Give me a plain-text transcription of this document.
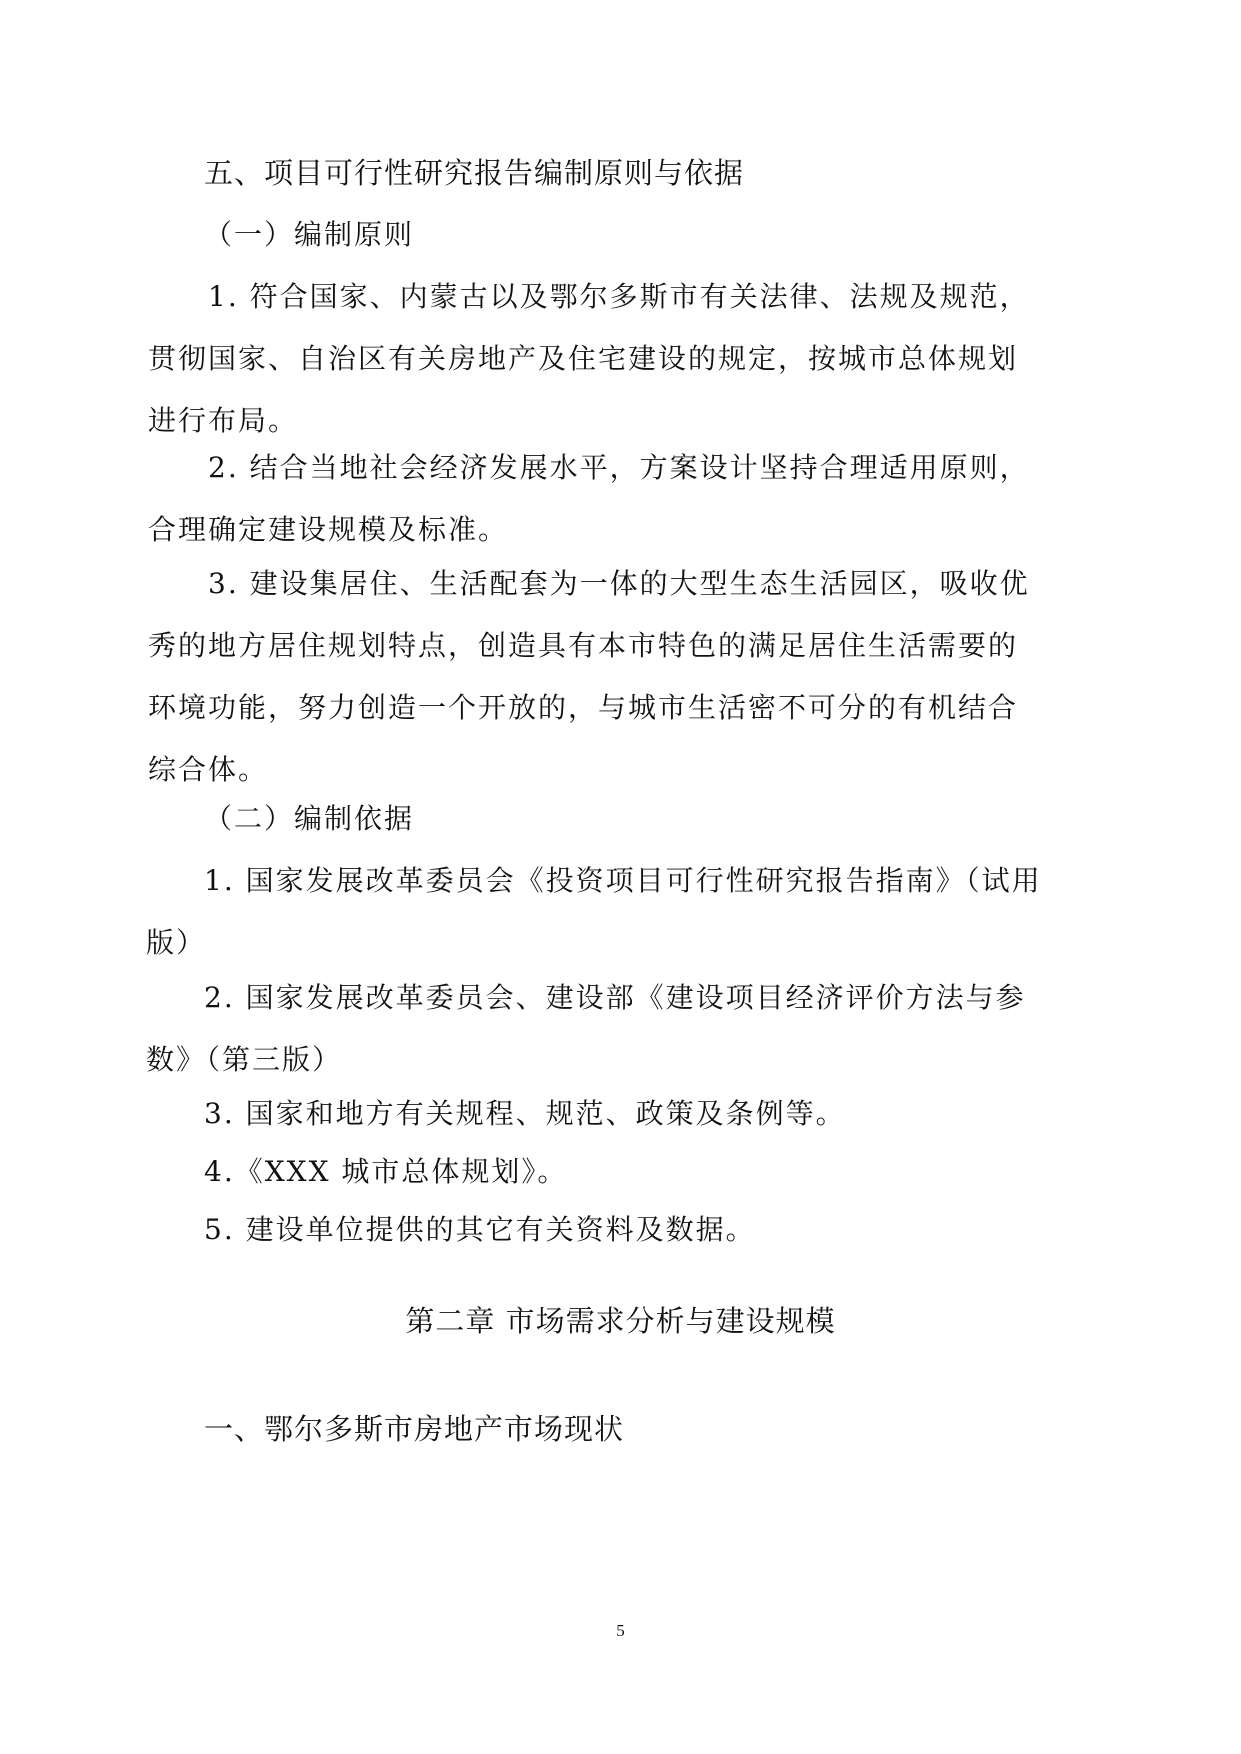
五、项目可行性研究报告编制原则与依据

（一）编制原则

1. 符合国家、内蒙古以及鄂尔多斯市有关法律、法规及规范，
贯彻国家、自治区有关房地产及住宅建设的规定，按城市总体规划
进行布局。
2. 结合当地社会经济发展水平，方案设计坚持合理适用原则，
合理确定建设规模及标准。
3. 建设集居住、生活配套为一体的大型生态生活园区，吸收优
秀的地方居住规划特点，创造具有本市特色的满足居住生活需要的
环境功能，努力创造一个开放的，与城市生活密不可分的有机结合
综合体。

（二）编制依据

1. 国家发展改革委员会《投资项目可行性研究报告指南》（试用
版）
2. 国家发展改革委员会、建设部《建设项目经济评价方法与参
数》（第三版）

3. 国家和地方有关规程、规范、政策及条例等。

4.《XXX 城市总体规划》。

5. 建设单位提供的其它有关资料及数据。

第二章 市场需求分析与建设规模

一、鄂尔多斯市房地产市场现状

5
